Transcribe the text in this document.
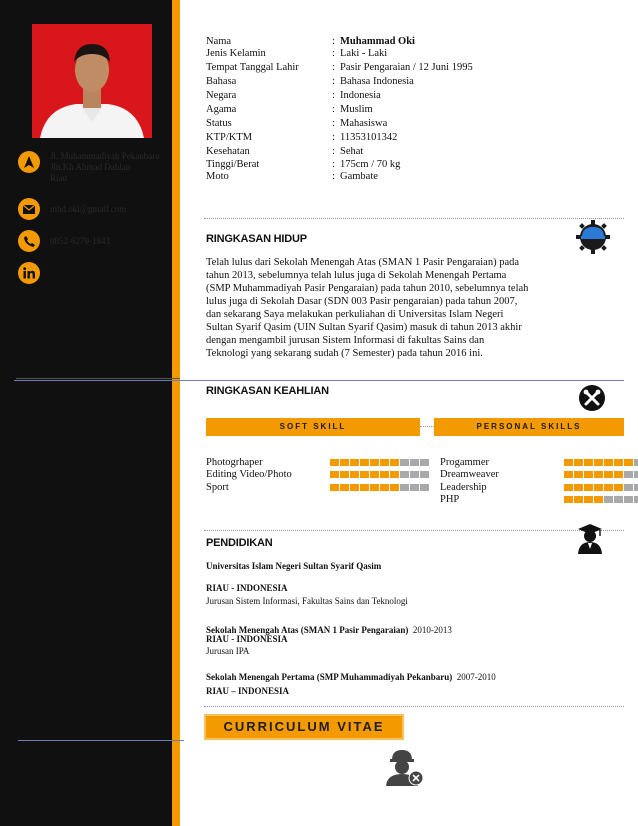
Jl. Muhammadiyah Pekanbaru
Jln.Kh Ahmad Dahlan
Riau
mhd.oki@gmail.com
0852-6279-1843
Nama	: Muhammad Oki
Jenis Kelamin	: Laki - Laki
Tempat Tanggal Lahir	: Pasir Pengaraian / 12 Juni 1995
Bahasa	: Bahasa Indonesia
Negara	: Indonesia
Agama	: Muslim
Status	: Mahasiswa
KTP/KTM	: 11353101342
Kesehatan	: Sehat
Tinggi/Berat	: 175cm / 70 kg
Moto	: Gambate
RINGKASAN HIDUP
Telah lulus dari Sekolah Menengah Atas (SMAN 1 Pasir Pengaraian) pada
tahun 2013, sebelumnya telah lulus juga di Sekolah Menengah Pertama
(SMP Muhammadiyah Pasir Pengaraian) pada tahun 2010, sebelumnya telah
lulus juga di Sekolah Dasar (SDN 003 Pasir pengaraian) pada tahun 2007,
dan sekarang Saya melakukan perkuliahan di Universitas Islam Negeri
Sultan Syarif Qasim (UIN Sultan Syarif Qasim) masuk di tahun 2013 akhir
dengan mengambil jurusan Sistem Informasi di fakultas Sains dan
Teknologi yang sekarang sudah (7 Semester) pada tahun 2016 ini.
RINGKASAN KEAHLIAN
SOFT SKILL	PERSONAL SKILLS
Photogrhaper
Editing Video/Photo
Sport
Progammer
Dreamweaver
Leadership
PHP
PENDIDIKAN
Universitas Islam Negeri Sultan Syarif Qasim
RIAU - INDONESIA
Jurusan Sistem Informasi, Fakultas Sains dan Teknologi
Sekolah Menengah Atas (SMAN 1 Pasir Pengaraian) 2010-2013
RIAU - INDONESIA
Jurusan IPA
Sekolah Menengah Pertama (SMP Muhammadiyah Pekanbaru) 2007-2010
RIAU – INDONESIA
CURRICULUM VITAE
BIODATA
